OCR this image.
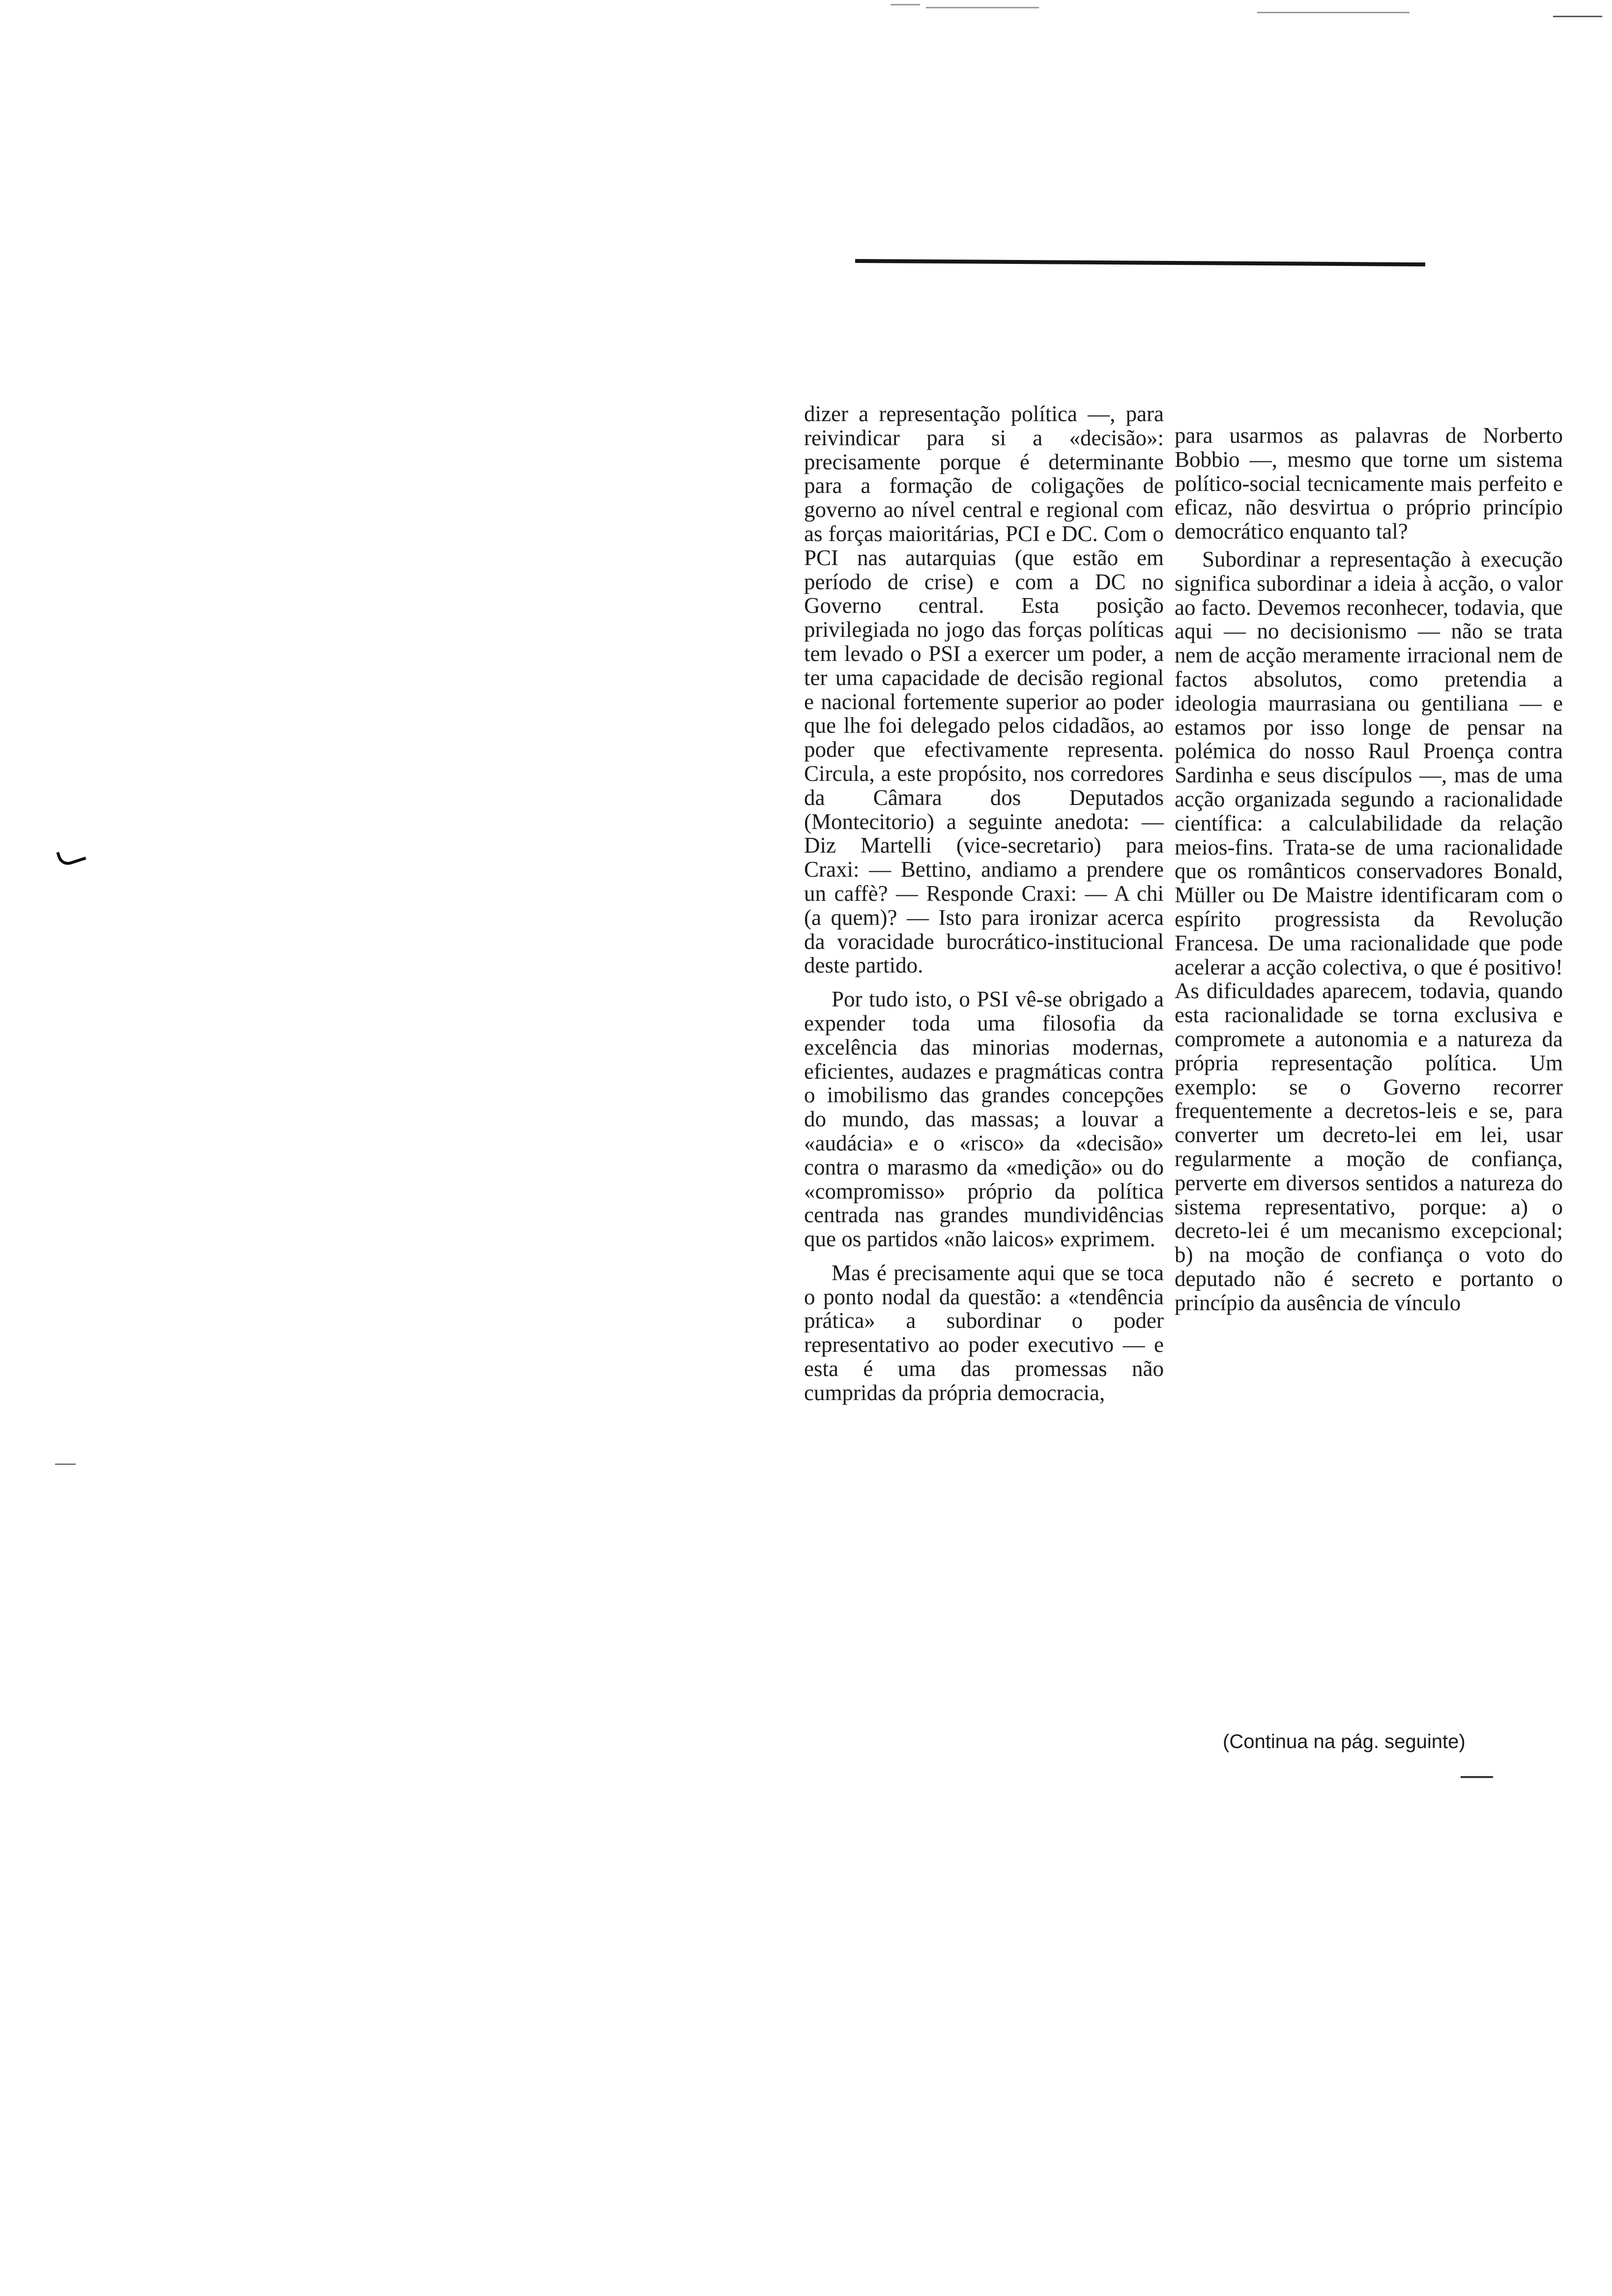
dizer a representação política —, para reivindicar para si a «decisão»: precisamente porque é determinante para a formação de coligações de governo ao nível central e regional com as forças maioritárias, PCI e DC. Com o PCI nas autarquias (que estão em período de crise) e com a DC no Governo central. Esta posição privilegiada no jogo das forças políticas tem levado o PSI a exercer um poder, a ter uma capacidade de decisão regional e nacional fortemente superior ao poder que lhe foi delegado pelos cidadãos, ao poder que efectivamente representa. Circula, a este propósito, nos corredores da Câmara dos Deputados (Montecitorio) a seguinte anedota: — Diz Martelli (vice-secretario) para Craxi: — Bettino, andiamo a prendere un caffè? — Responde Craxi: — A chi (a quem)? — Isto para ironizar acerca da voracidade burocrático-institucional deste partido.

Por tudo isto, o PSI vê-se obrigado a expender toda uma filosofia da excelência das minorias modernas, eficientes, audazes e pragmáticas contra o imobilismo das grandes concepções do mundo, das massas; a louvar a «audácia» e o «risco» da «decisão» contra o marasmo da «medição» ou do «compromisso» próprio da política centrada nas grandes mundividências que os partidos «não laicos» exprimem.

Mas é precisamente aqui que se toca o ponto nodal da questão: a «tendência prática» a subordinar o poder representativo ao poder executivo — e esta é uma das promessas não cumpridas da própria democracia,

para usarmos as palavras de Norberto Bobbio —, mesmo que torne um sistema político-social tecnicamente mais perfeito e eficaz, não desvirtua o próprio princípio democrático enquanto tal?

Subordinar a representação à execução significa subordinar a ideia à acção, o valor ao facto. Devemos reconhecer, todavia, que aqui — no decisionismo — não se trata nem de acção meramente irracional nem de factos absolutos, como pretendia a ideologia maurrasiana ou gentiliana — e estamos por isso longe de pensar na polémica do nosso Raul Proença contra Sardinha e seus discípulos —, mas de uma acção organizada segundo a racionalidade científica: a calculabilidade da relação meios-fins. Trata-se de uma racionalidade que os românticos conservadores Bonald, Müller ou De Maistre identificaram com o espírito progressista da Revolução Francesa. De uma racionalidade que pode acelerar a acção colectiva, o que é positivo! As dificuldades aparecem, todavia, quando esta racionalidade se torna exclusiva e compromete a autonomia e a natureza da própria representação política. Um exemplo: se o Governo recorrer frequentemente a decretos-leis e se, para converter um decreto-lei em lei, usar regularmente a moção de confiança, perverte em diversos sentidos a natureza do sistema representativo, porque: a) o decreto-lei é um mecanismo excepcional; b) na moção de confiança o voto do deputado não é secreto e portanto o princípio da ausência de vínculo

(Continua na pág. seguinte)
